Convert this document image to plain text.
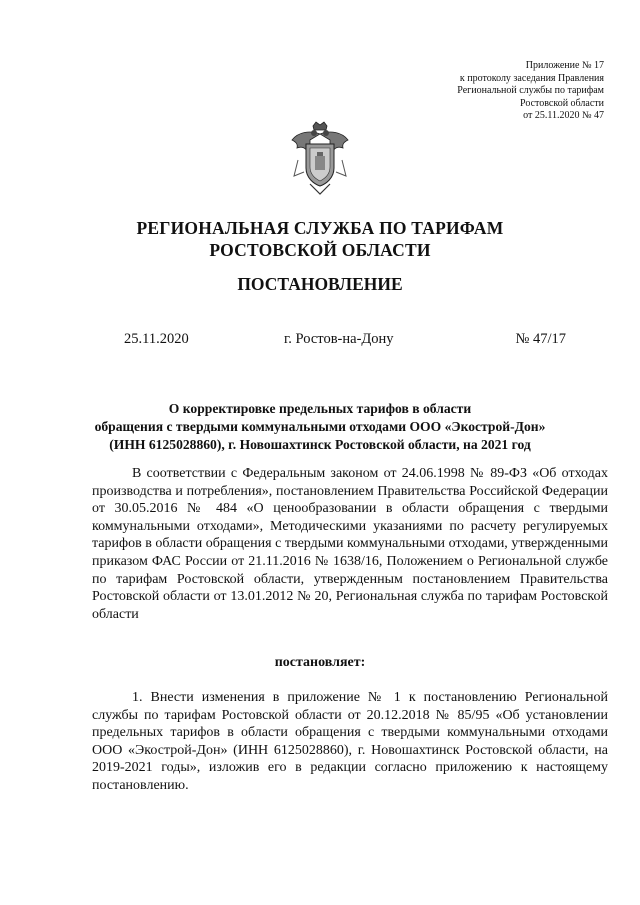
Приложение № 17
к протоколу заседания Правления
Региональной службы по тарифам
Ростовской области
от 25.11.2020 № 47
РЕГИОНАЛЬНАЯ СЛУЖБА ПО ТАРИФАМ
РОСТОВСКОЙ ОБЛАСТИ
ПОСТАНОВЛЕНИЕ
25.11.2020	г. Ростов-на-Дону	№ 47/17
О корректировке предельных тарифов в области
обращения с твердыми коммунальными отходами ООО «Экострой-Дон»
(ИНН 6125028860), г. Новошахтинск Ростовской области, на 2021 год

В соответствии с Федеральным законом от 24.06.1998 № 89-ФЗ «Об отходах производства и потребления», постановлением Правительства Российской Федерации от 30.05.2016 № 484 «О ценообразовании в области обращения с твердыми коммунальными отходами», Методическими указаниями по расчету регулируемых тарифов в области обращения с твердыми коммунальными отходами, утвержденными приказом ФАС России от 21.11.2016 № 1638/16, Положением о Региональной службе по тарифам Ростовской области, утвержденным постановлением Правительства Ростовской области от 13.01.2012 № 20, Региональная служба по тарифам Ростовской области

постановляет:

1. Внести изменения в приложение № 1 к постановлению Региональной службы по тарифам Ростовской области от 20.12.2018 № 85/95 «Об установлении предельных тарифов в области обращения с твердыми коммунальными отходами ООО «Экострой-Дон» (ИНН 6125028860), г. Новошахтинск Ростовской области, на 2019-2021 годы», изложив его в редакции согласно приложению к настоящему постановлению.
